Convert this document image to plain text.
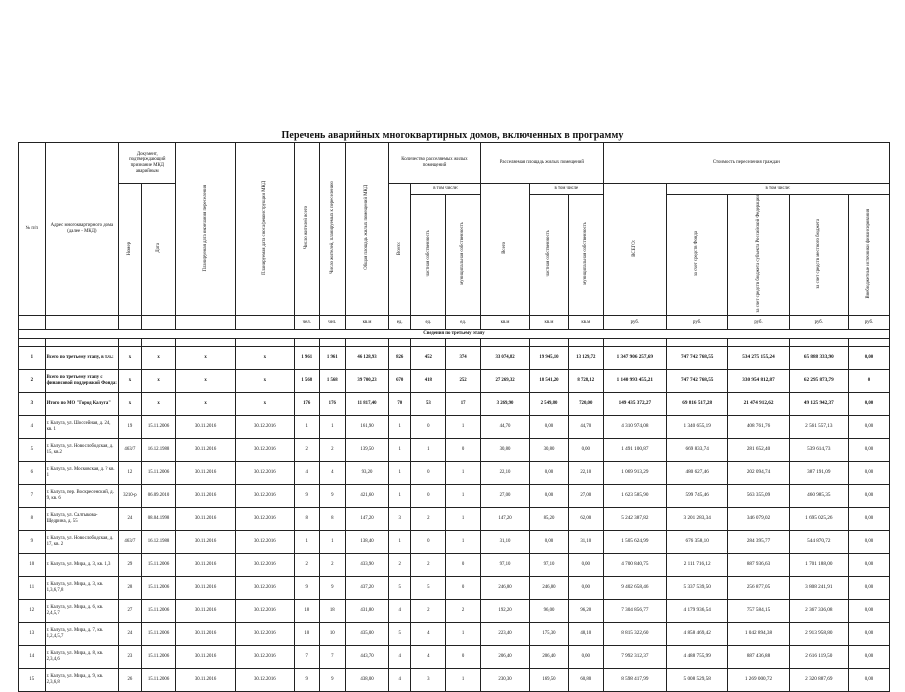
Перечень аварийных многоквартирных домов, включенных в программу
№ п/п	Адрес многоквартирного дома (далее - МКД)	Документ, подтверждающий признание МКД аварийным		Планируемая дата окончания переселения	Планируемая дата сноса/реконструкции МКД	Число жителей всего	Число жителей, планируемых к переселению	Общая площадь жилых помещений МКД	Количество расселяемых жилых помещений			Расселяемая площадь жилых помещений			Стоимость переселения граждан				
		Номер	Дата						Всего:	в том числе:		Всего	в том числе		ВСЕГО:	в том числе:			
										частная собственность	муниципальная собственность		частная собственность	муниципальная собственность		за счет средств Фонда	за счет средств бюджета субъекта Российской Федерации	за счет средств местного бюджета	Внебюджетные источники финансирования
						чел.	чел.	кв.м	ед.	ед.	ед.	кв.м	кв.м	кв.м	руб.	руб.	руб.	руб.	руб.
Сведения по третьему этапу																			

1	Всего по третьему этапу, в т.ч.:	x	x	x	x	1 961	1 961	46 128,93	826	452	374	33 074,82	19 945,10	13 129,72	1 347 906 257,69	747 742 768,55	534 275 155,24	65 888 333,90	0,00
2	Всего по третьему этапу с финансовой поддержкой Фонда:	x	x	x	x	1 568	1 568	39 700,23	670	418	252	27 269,32	18 541,20	8 728,12	1 140 993 455,21	747 742 768,55	330 954 812,87	62 295 873,79	0
3	Итого по МО "Город Калуга"	x	x	x	x	176	176	11 817,40	70	53	17	3 269,90	2 549,80	720,00	149 435 372,27	69 816 517,28	21 474 912,62	49 125 942,37	0,00
4	г. Калуга, ул. Шоссейная, д. 24, кв. 1	19	15.11.2006	30.11.2016	30.12.2016	1	1	161,90	1	0	1	44,70	0,00	44,70	4 310 974,08	1 340 655,19	408 761,76	2 561 557,13	0,00
5	г. Калуга, ул. Новослободская, д. 15, кв.2	463/7	16.12.1988	30.11.2016	30.12.2016	2	2	139,50	1	1	0	30,80	30,80	0,00	1 491 100,87	669 833,74	281 652,40	539 614,73	0,00
6	г. Калуга, ул. Московская, д. ? кв. 1	12	15.11.2006	30.11.2016	30.12.2016	4	4	93,20	1	0	1	22,10	0,00	22,10	1 069 913,29	480 627,46	202 094,74	387 191,09	0,00
7	г. Калуга, пер. Воскресенский, д. 9, кв. 6	3210-р	06.09.2010	30.11.2016	30.12.2016	9	9	421,60	1	0	1	27,00	0,00	27,00	1 623 585,90	599 745,46	563 355,09	460 985,35	0,00
8	г. Калуга, ул. Салтыкова-Щедрина, д. 55	24	08.04.1998	30.11.2016	30.12.2016	8	8	147,20	3	2	1	147,20	85,20	62,00	5 242 387,82	3 201 283,34	346 079,02	1 695 025,26	0,00
9	г. Калуга, ул. Новослободская, д. 17, кв. 2	463/7	16.12.1988	30.11.2016	30.12.2016	1	1	138,40	1	0	1	31,10	0,00	31,10	1 505 624,99	676 358,10	284 395,77	544 870,72	0,00
10	г. Калуга, ул. Мира, д. 3, кв. 1,3	29	15.11.2006	30.11.2016	30.12.2016	2	2	433,90	2	2	0	97,10	97,10	0,00	4 700 840,75	2 111 716,12	887 936,63	1 701 188,00	0,00
11	г. Калуга, ул. Мира, д. 3, кв. 1,3,6,7,8	28	15.11.2006	30.11.2016	30.12.2016	9	9	437,20	5	5	0	246,80	246,80	0,00	9 402 658,46	5 337 539,50	256 877,05	3 808 241,91	0,00
12	г. Калуга, ул. Мира, д. 6, кв. 2,4,5,7	27	15.11.2006	30.11.2016	30.12.2016	18	18	431,80	4	2	2	192,20	96,00	96,20	7 304 856,77	4 179 936,54	757 584,15	2 367 336,08	0,00
13	г. Калуга, ул. Мира, д. 7, кв. 1,2,4,5,7	24	15.11.2006	30.11.2016	30.12.2016	10	10	435,00	5	4	1	223,40	175,30	48,10	8 815 322,60	4 858 469,42	1 042 894,38	2 913 958,80	0,00
14	г. Калуга, ул. Мира, д. 8, кв. 2,3,4,6	23	15.11.2006	30.11.2016	30.12.2016	7	7	443,70	4	4	0	206,40	206,40	0,00	7 992 312,37	4 488 755,99	887 436,88	2 616 119,50	0,00
15	г. Калуга, ул. Мира, д. 9, кв. 2,3,6,8	26	15.11.2006	30.11.2016	30.12.2016	9	9	438,00	4	3	1	230,30	169,50	60,80	8 598 417,99	5 008 529,58	1 269 000,72	2 320 887,69	0,00
